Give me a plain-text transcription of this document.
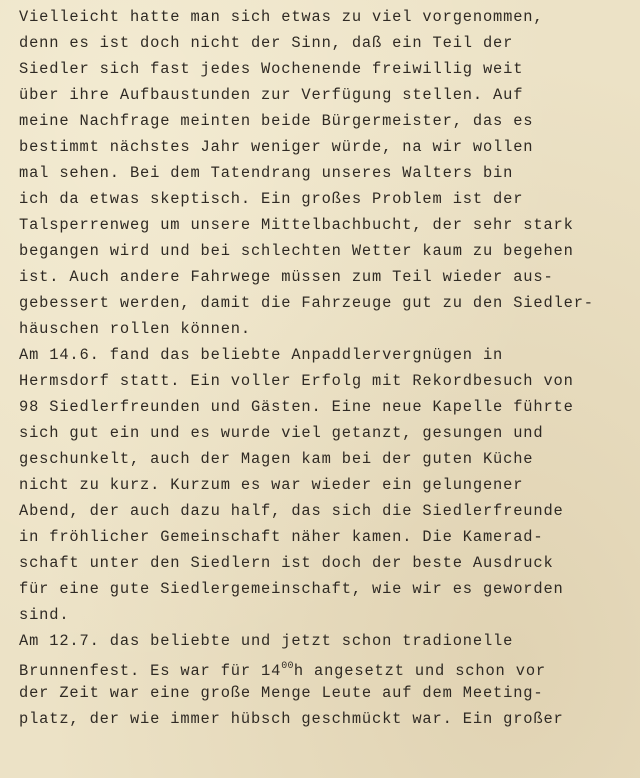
Vielleicht hatte man sich etwas zu viel vorgenommen,
denn es ist doch nicht der Sinn, daß ein Teil der
Siedler sich fast jedes Wochenende freiwillig weit
über ihre Aufbaustunden zur Verfügung stellen. Auf
meine Nachfrage meinten beide Bürgermeister, das es
bestimmt nächstes Jahr weniger würde, na wir wollen
mal sehen. Bei dem Tatendrang unseres Walters bin
ich da etwas skeptisch. Ein großes Problem ist der
Talsperrenweg um unsere Mittelbachbucht, der sehr stark
begangen wird und bei schlechten Wetter kaum zu begehen
ist. Auch andere Fahrwege müssen zum Teil wieder aus-
gebessert werden, damit die Fahrzeuge gut zu den Siedler-
häuschen rollen können.
Am 14.6. fand das beliebte Anpaddlervergnügen in
Hermsdorf statt. Ein voller Erfolg mit Rekordbesuch von
98 Siedlerfreunden und Gästen. Eine neue Kapelle führte
sich gut ein und es wurde viel getanzt, gesungen und
geschunkelt, auch der Magen kam bei der guten Küche
nicht zu kurz. Kurzum es war wieder ein gelungener
Abend, der auch dazu half, das sich die Siedlerfreunde
in fröhlicher Gemeinschaft näher kamen. Die Kamerad-
schaft unter den Siedlern ist doch der beste Ausdruck
für eine gute Siedlergemeinschaft, wie wir es geworden
sind.
Am 12.7. das beliebte und jetzt schon tradionelle
Brunnenfest. Es war für $14^{00}h$ angesetzt und schon vor
der Zeit war eine große Menge Leute auf dem Meeting-
platz, der wie immer hübsch geschmückt war. Ein großer
